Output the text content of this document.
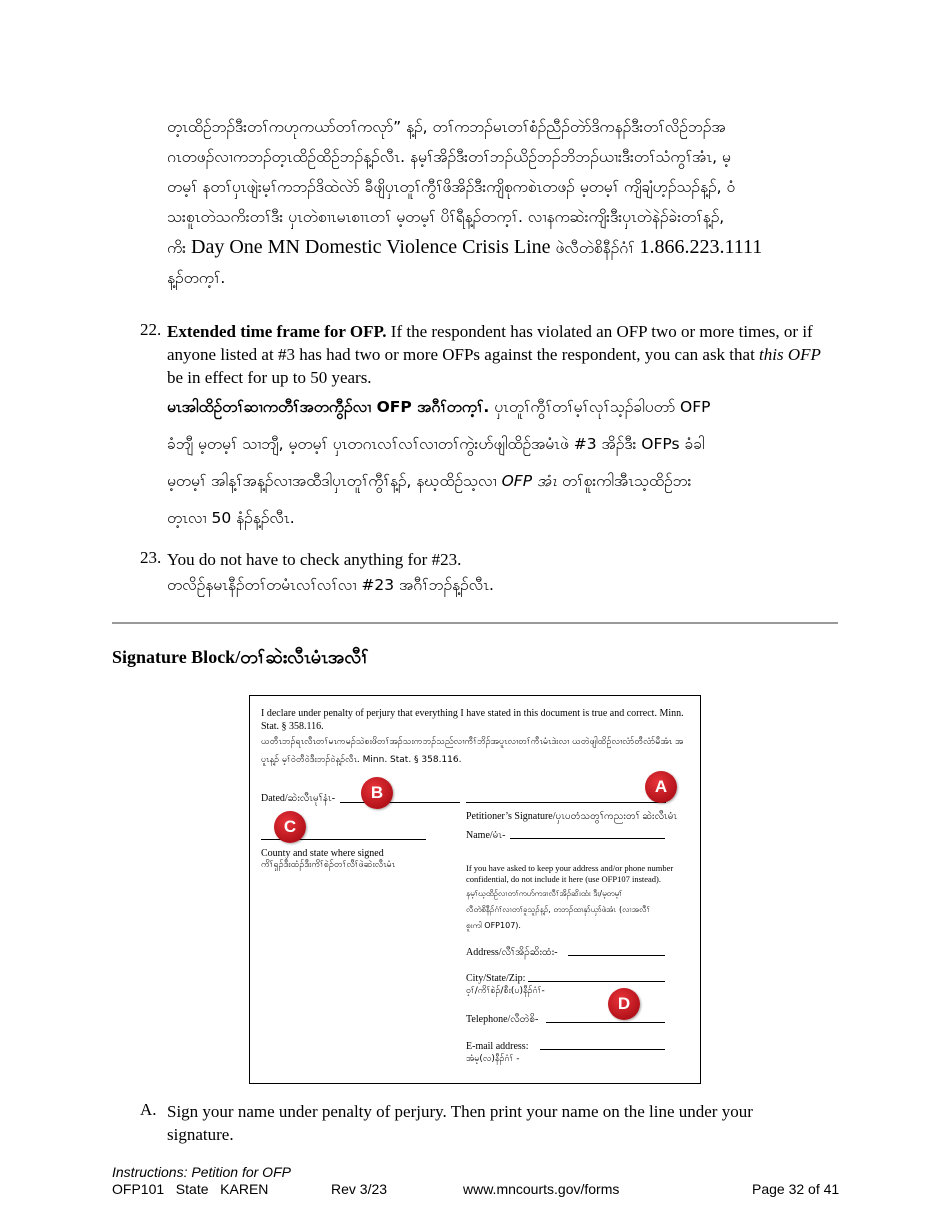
တ့ၤထိဉ်ဘၣ်ဒီးတၢ်ကဟုကယာ်တၢ်ကလုာ်” န့ၣ်, တၢ်ကဘၣ်မၤတၢ်စံၣ်ညီၣ်တဲာ်ဒိကနၣ်ဒီးတၢ်လိဉ်ဘၣ်အ
ဂၤတဖၣ်လၢကဘၣ်တ့ၤထိဉ်ထိဉ်ဘၣ်န့ၣ်လီၤ. နမ့ၢ်အိၣ်ဒီးတၢ်ဘၣ်ယိဉ်ဘၣ်ဘိဘၣ်ယၢးဒီးတၢ်သံကွၢ်အံၤ, မ့
တမ့ၢ် နတၢ်ပှၤဖျဲးမ့ၢ်ကဘၣ်ဒိထဲလဲာ် ခီဖျိပှၤတူၢ်ကွီၢ်ဖိအိၣ်ဒီးကျိစုကစဲၤတဖၣ် မ့တမ့ၢ် ကျိချံဟ့ၣ်သၣ်န့ၣ်, ဝံ
သးစူၤတဲသကိးတၢ်ဒီး ပှၤတဲစၢၤမၤစၢၤတၢ် မ့တမ့ၢ် ပိၢ်ရီန့ၣ်တက့ၢ်. လၢနကဆဲးကျိးဒီးပှၤတဲနဲၣ်ခဲးတၢ်န့ၣ်,
ကိး Day One MN Domestic Violence Crisis Line ဖဲလီတဲစိနီၣ်ဂံၢ် 1.866.223.1111
န့ၣ်တက့ၢ်.
22. Extended time frame for OFP. If the respondent has violated an OFP two or more times, or if anyone listed at #3 has had two or more OFPs against the respondent, you can ask that this OFP be in effect for up to 50 years.
မၤအါထိဉ်တၢ်ဆၢကတီၢ်အတကွီၣ်လၢ OFP အဂီၢ်တက့ၢ်. ပှၤတူၢ်ကွီၢ်တၢ်မ့ၢ်လုၢ်သ့ၣ်ခါပတာ် OFP
ခံဘျီ မ့တမ့ၢ် သၢဘျီ, မ့တမ့ၢ် ပှၤတဂၤလၢ်လၢ်လၢတၢ်ကွဲးဟ်ဖျါထိဉ်အမံၤဖဲ #3 အိၣ်ဒီး OFPs ခံခါ
မ့တမ့ၢ် အါန့ၢ်အန့ၣ်လၢအထီဒါပှၤတူၢ်ကွီၢ်န့ၣ်, နဃ့ထိဉ်သ့လၢ OFP အံၤ တၢ်စူးကါအီၤသ့ထိဉ်ဘး
တ့ၤလၢ 50 နံၣ်န့ၣ်လီၤ.
23. You do not have to check anything for #23.
တလိဉ်နမၤနီၣ်တၢ်တမံၤလၢ်လၢ်လၢ #23 အဂီၢ်ဘၣ်န့ၣ်လီၤ.
Signature Block/တၢ်ဆဲးလီၤမံၤအလီၢ်
I declare under penalty of perjury that everything I have stated in this document is true and correct. Minn. Stat. § 358.116.
ယတီၤဘၣ်ရၤလီၤတၢ်မၤကမၣ်သဲစးဖိတၢ်အၣ်သးကဘၣ်သည်လၢကီၢ်ဘိၣ်အပူၤလၢတၢ်ကီၤမံၤဒဲးလၢ ယတဲဖျါထိဉ်လၢလံာ်တီလံာ်မီအံၤ အပူၤန့ၣ် မ့ၢ်ဝဲတီဝဲဒီးဘၣ်ဝဲန့ၣ်လီၤ. Minn. Stat. § 358.116.
Dated/ဆဲးလီၤမုၢ်နံၤ-
Petitioner’s Signature/ပှၤပတံသတွၢ်ကညးတၢ် ဆဲးလီၤမံၤ
Name/မံၤ-
County and state where signed
ကိၢ်ရှၣ်ဒီးထံၣ်ဒီးကိၢ်စဲၣ်တၢ်လီၢ်ဖဲဆဲးလီၤမံၤ	If you have asked to keep your address and/or phone number confidential, do not include it here (use OFP107 instead).
နမ့ၢ်ဃ့ထိဉ်လၢတၢ်ကဟ်ကဒၢလီၢ်အိၣ်ဆိးထံး ဒီး/မ့တမ့ၢ်
လီတဲစိနီၣ်ဂံၢ်လၢတၢ်ခူသူၣ်န့ၣ်, တဘၣ်ထၢနုာ်ယှာ်ဖဲအံၤ (လၢအလီၢ်
စူးကါ OFP107).
Address/လီၢ်အိၣ်ဆိးထံး-
City/State/Zip:
ဝ့ၢ်/ကိၢ်စဲၣ်/စီး(ပ)နီၣ်ဂံၢ်-
Telephone/လီတဲစိ-
E-mail address:
အံမ့(လ)နီၣ်ဂံၢ် -
A
B
C
D
A. Sign your name under penalty of perjury. Then print your name on the line under your signature.
Instructions: Petition for OFP
OFP101   State   KAREN	Rev 3/23	www.mncourts.gov/forms	Page 32 of 41
